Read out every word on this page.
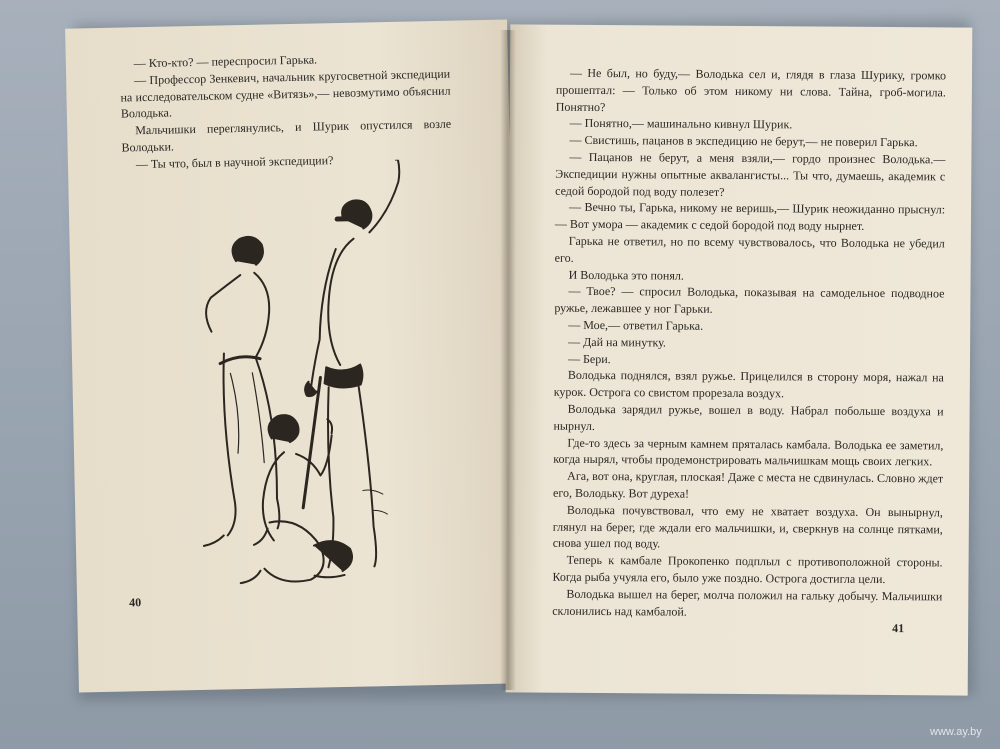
— Кто-кто? — переспросил Гарька.

— Профессор Зенкевич, начальник кругосветной экспедиции на исследовательском судне «Витязь»,— невозмутимо объяснил Володька.

Мальчишки переглянулись, и Шурик опустился возле Володьки.

— Ты что, был в научной экспедиции?

40

— Не был, но буду,— Володька сел и, глядя в глаза Шурику, громко прошептал: — Только об этом никому ни слова. Тайна, гроб-могила. Понятно?

— Понятно,— машинально кивнул Шурик.

— Свистишь, пацанов в экспедицию не берут,— не поверил Гарька.

— Пацанов не берут, а меня взяли,— гордо произнес Володька.— Экспедиции нужны опытные аквалангисты... Ты что, думаешь, академик с седой бородой под воду полезет?

— Вечно ты, Гарька, никому не веришь,— Шурик неожиданно прыснул: — Вот умора — академик с седой бородой под воду нырнет.

Гарька не ответил, но по всему чувствовалось, что Володька не убедил его.

И Володька это понял.

— Твое? — спросил Володька, показывая на самодельное подводное ружье, лежавшее у ног Гарьки.

— Мое,— ответил Гарька.

— Дай на минутку.

— Бери.

Володька поднялся, взял ружье. Прицелился в сторону моря, нажал на курок. Острога со свистом прорезала воздух.

Володька зарядил ружье, вошел в воду. Набрал побольше воздуха и нырнул.

Где-то здесь за черным камнем пряталась камбала. Володька ее заметил, когда нырял, чтобы продемонстрировать мальчишкам мощь своих легких.

Ага, вот она, круглая, плоская! Даже с места не сдвинулась. Словно ждет его, Володьку. Вот дуреха!

Володька почувствовал, что ему не хватает воздуха. Он вынырнул, глянул на берег, где ждали его мальчишки, и, сверкнув на солнце пятками, снова ушел под воду.

Теперь к камбале Прокопенко подплыл с противоположной стороны. Когда рыба учуяла его, было уже поздно. Острога достигла цели.

Володька вышел на берег, молча положил на гальку добычу. Мальчишки склонились над камбалой.

41
www.ay.by
